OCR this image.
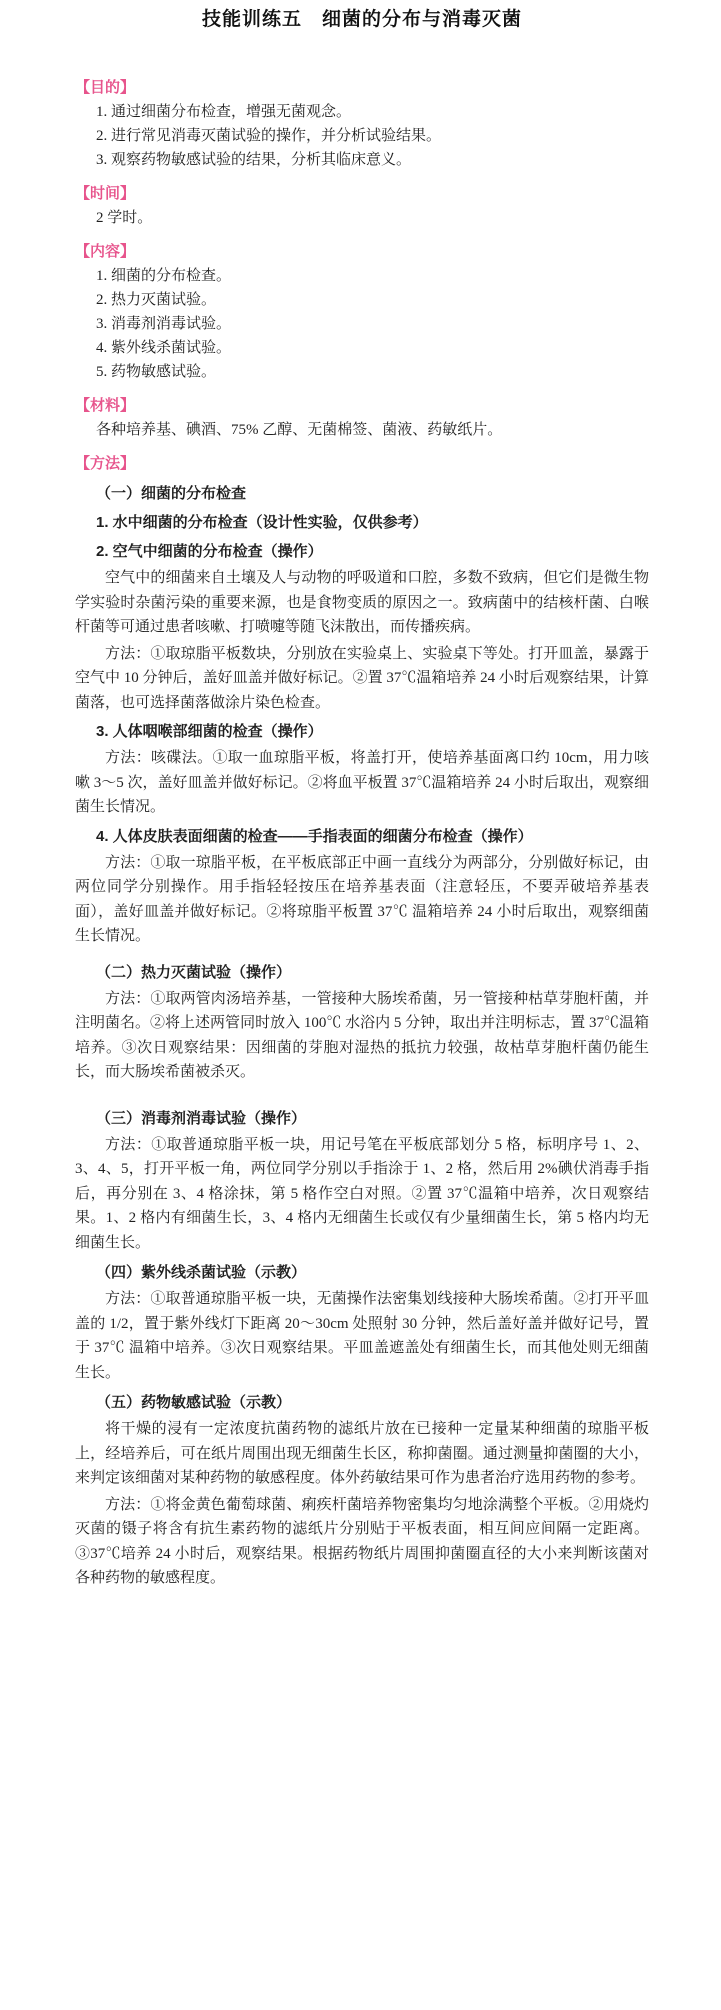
技能训练五　细菌的分布与消毒灭菌
【目的】
1. 通过细菌分布检查，增强无菌观念。
2. 进行常见消毒灭菌试验的操作，并分析试验结果。
3. 观察药物敏感试验的结果，分析其临床意义。
【时间】
2 学时。
【内容】
1. 细菌的分布检查。
2. 热力灭菌试验。
3. 消毒剂消毒试验。
4. 紫外线杀菌试验。
5. 药物敏感试验。
【材料】
各种培养基、碘酒、75% 乙醇、无菌棉签、菌液、药敏纸片。
【方法】
（一）细菌的分布检查
1. 水中细菌的分布检查（设计性实验，仅供参考）
2. 空气中细菌的分布检查（操作）

空气中的细菌来自土壤及人与动物的呼吸道和口腔，多数不致病，但它们是微生物学实验时杂菌污染的重要来源，也是食物变质的原因之一。致病菌中的结核杆菌、白喉杆菌等可通过患者咳嗽、打喷嚏等随飞沫散出，而传播疾病。

方法：①取琼脂平板数块，分别放在实验桌上、实验桌下等处。打开皿盖，暴露于空气中 10 分钟后，盖好皿盖并做好标记。②置 37℃温箱培养 24 小时后观察结果，计算菌落，也可选择菌落做涂片染色检查。

3. 人体咽喉部细菌的检查（操作）

方法：咳碟法。①取一血琼脂平板，将盖打开，使培养基面离口约 10cm，用力咳嗽 3～5 次，盖好皿盖并做好标记。②将血平板置 37℃温箱培养 24 小时后取出，观察细菌生长情况。

4. 人体皮肤表面细菌的检查——手指表面的细菌分布检查（操作）

方法：①取一琼脂平板，在平板底部正中画一直线分为两部分，分别做好标记，由两位同学分别操作。用手指轻轻按压在培养基表面（注意轻压，不要弄破培养基表面），盖好皿盖并做好标记。②将琼脂平板置 37℃ 温箱培养 24 小时后取出，观察细菌生长情况。

（二）热力灭菌试验（操作）

方法：①取两管肉汤培养基，一管接种大肠埃希菌，另一管接种枯草芽胞杆菌，并注明菌名。②将上述两管同时放入 100℃ 水浴内 5 分钟，取出并注明标志，置 37℃温箱培养。③次日观察结果：因细菌的芽胞对湿热的抵抗力较强，故枯草芽胞杆菌仍能生长，而大肠埃希菌被杀灭。

（三）消毒剂消毒试验（操作）

方法：①取普通琼脂平板一块，用记号笔在平板底部划分 5 格，标明序号 1、2、3、4、5，打开平板一角，两位同学分别以手指涂于 1、2 格，然后用 2%碘伏消毒手指后，再分别在 3、4 格涂抹，第 5 格作空白对照。②置 37℃温箱中培养，次日观察结果。1、2 格内有细菌生长，3、4 格内无细菌生长或仅有少量细菌生长，第 5 格内均无细菌生长。

（四）紫外线杀菌试验（示教）

方法：①取普通琼脂平板一块，无菌操作法密集划线接种大肠埃希菌。②打开平皿盖的 1/2，置于紫外线灯下距离 20～30cm 处照射 30 分钟，然后盖好盖并做好记号，置于 37℃ 温箱中培养。③次日观察结果。平皿盖遮盖处有细菌生长，而其他处则无细菌生长。

（五）药物敏感试验（示教）

将干燥的浸有一定浓度抗菌药物的滤纸片放在已接种一定量某种细菌的琼脂平板上，经培养后，可在纸片周围出现无细菌生长区，称抑菌圈。通过测量抑菌圈的大小，来判定该细菌对某种药物的敏感程度。体外药敏结果可作为患者治疗选用药物的参考。

方法：①将金黄色葡萄球菌、痢疾杆菌培养物密集均匀地涂满整个平板。②用烧灼灭菌的镊子将含有抗生素药物的滤纸片分别贴于平板表面，相互间应间隔一定距离。③37℃培养 24 小时后，观察结果。根据药物纸片周围抑菌圈直径的大小来判断该菌对各种药物的敏感程度。
